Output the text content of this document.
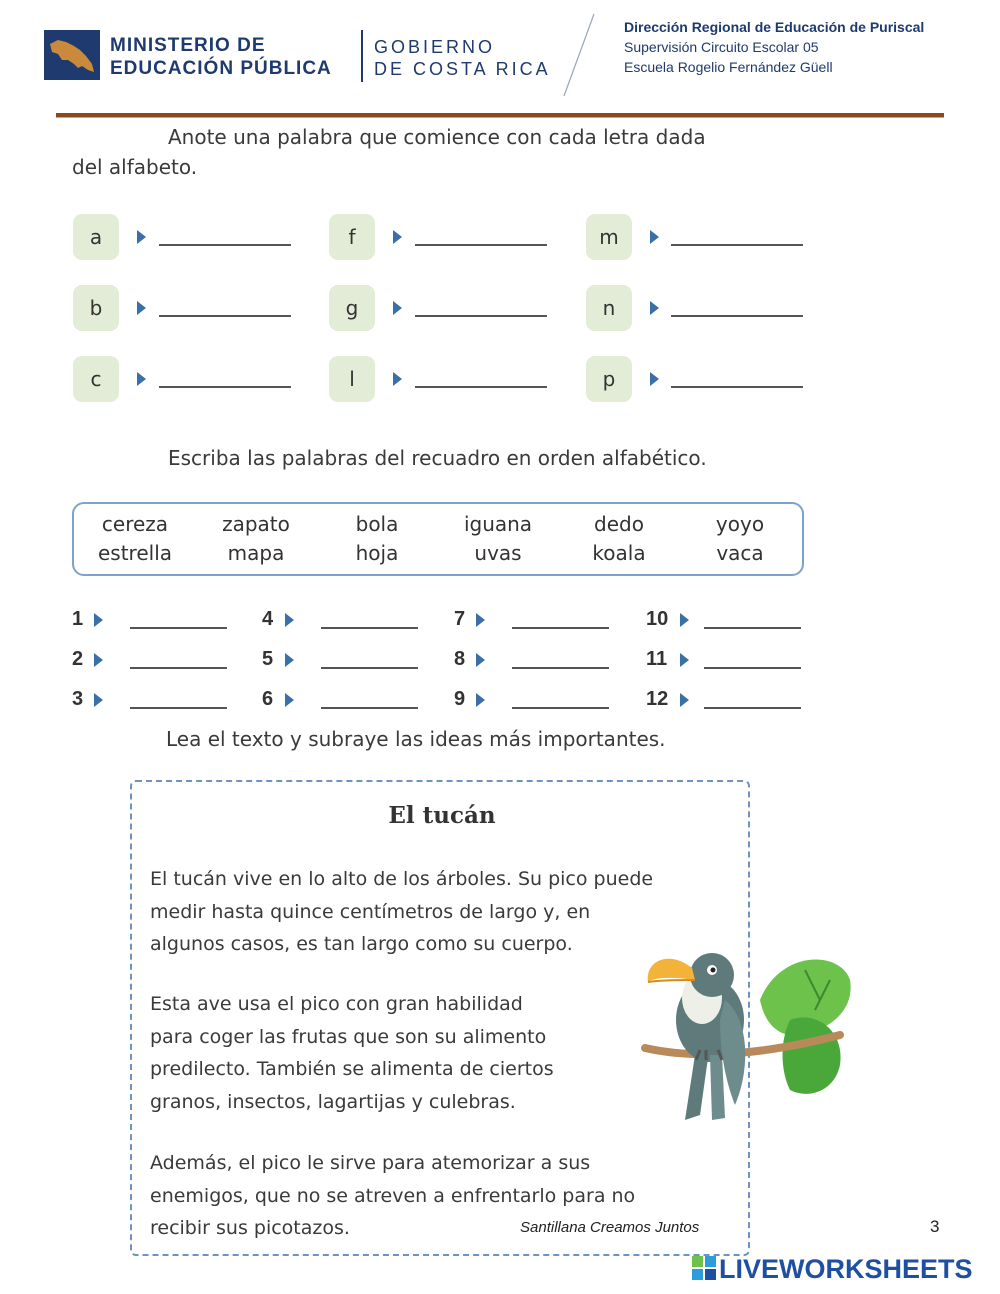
MINISTERIO DE
EDUCACIÓN PÚBLICA
GOBIERNO
DE COSTA RICA
Dirección Regional de Educación de Puriscal
Supervisión Circuito Escolar 05
Escuela Rogelio Fernández Güell
Anote una palabra que comience con cada letra dada
del alfabeto.
a	f	m
b	g	n
c	l	p
Escriba las palabras del recuadro en orden alfabético.
cereza	zapato	bola	iguana	dedo	yoyo
estrella	mapa	hoja	uvas	koala	vaca
1	4	7	10
2	5	8	11
3	6	9	12
Lea el texto y subraye las ideas más importantes.
El tucán
El tucán vive en lo alto de los árboles. Su pico puede
medir hasta quince centímetros de largo y, en
algunos casos, es tan largo como su cuerpo.
Esta ave usa el pico con gran habilidad
para coger las frutas que son su alimento
predilecto. También se alimenta de ciertos
granos, insectos, lagartijas y culebras.
Además, el pico le sirve para atemorizar a sus
enemigos, que no se atreven a enfrentarlo para no
recibir sus picotazos.	Santillana Creamos Juntos	3
LIVEWORKSHEETS
